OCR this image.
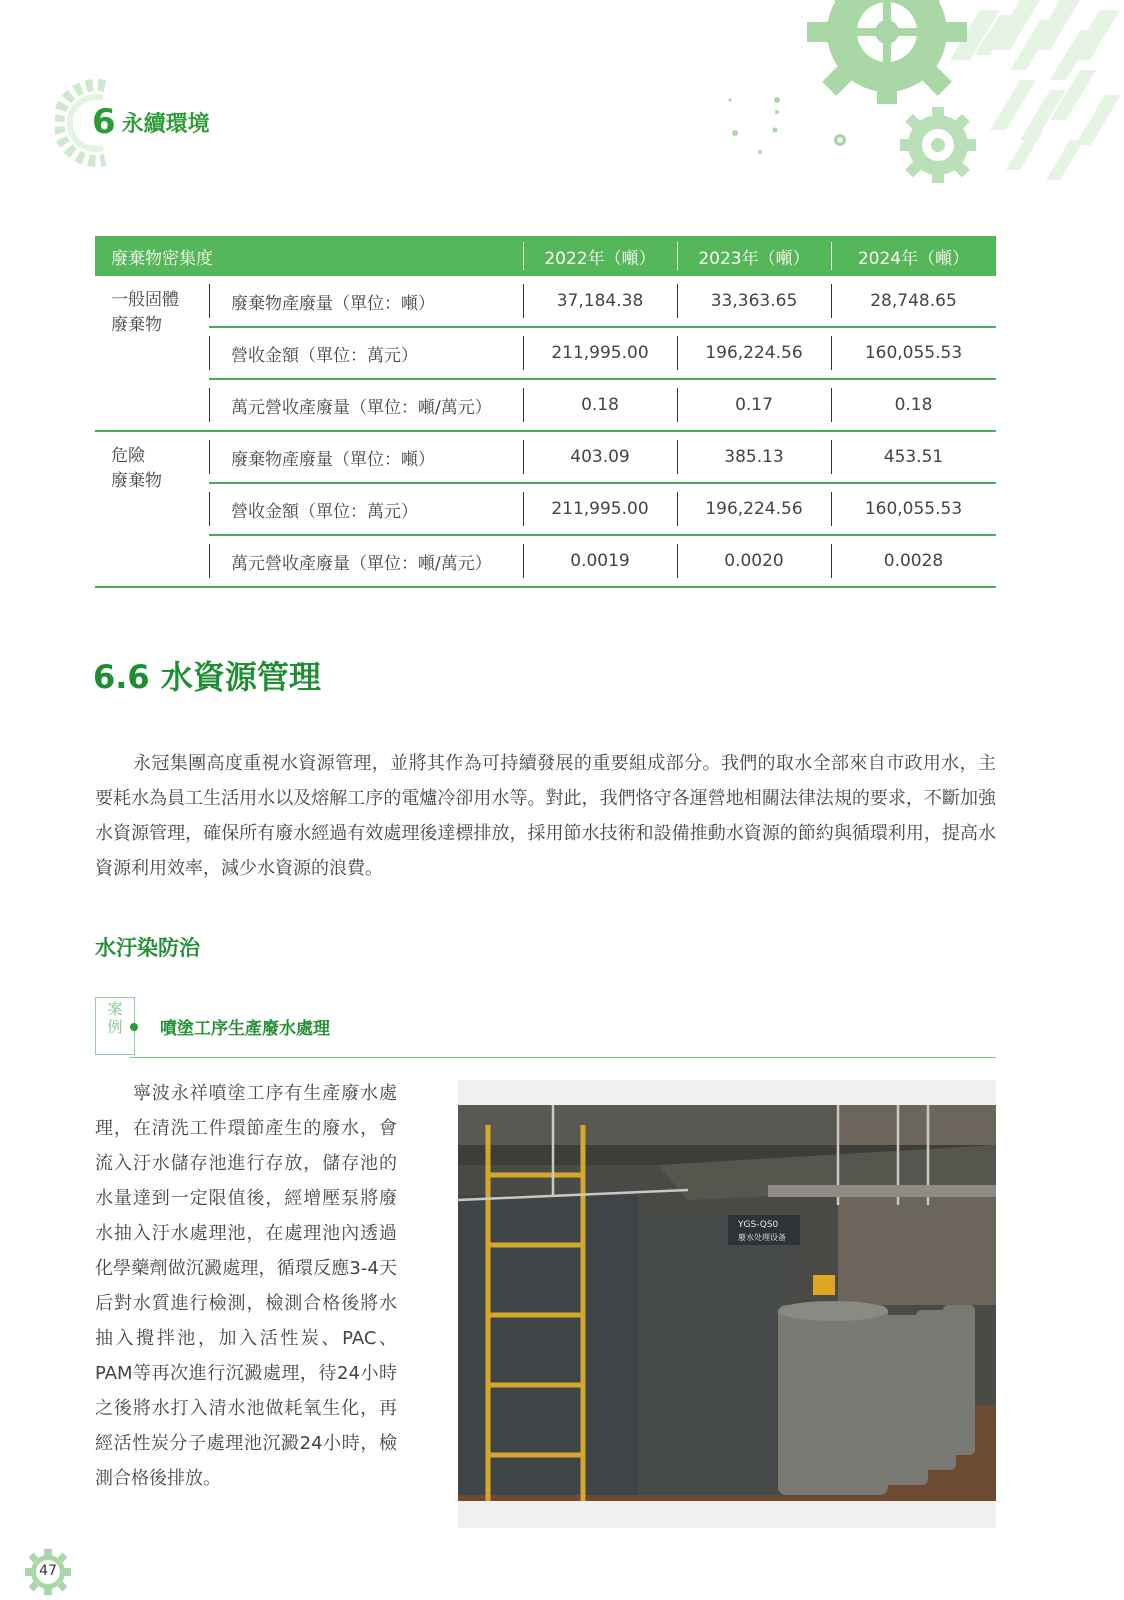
6 永續環境
廢棄物密集度		2022年（噸）	2023年（噸）	2024年（噸）
一般固體
廢棄物	廢棄物產廢量（單位：噸）	37,184.38	33,363.65	28,748.65
	營收金額（單位：萬元）	211,995.00	196,224.56	160,055.53
	萬元營收產廢量（單位：噸/萬元）	0.18	0.17	0.18
危險
廢棄物	廢棄物產廢量（單位：噸）	403.09	385.13	453.51
	營收金額（單位：萬元）	211,995.00	196,224.56	160,055.53
	萬元營收產廢量（單位：噸/萬元）	0.0019	0.0020	0.0028
6.6 水資源管理

永冠集團高度重視水資源管理，並將其作為可持續發展的重要組成部分。我們的取水全部來自市政用水，主要耗水為員工生活用水以及熔解工序的電爐冷卻用水等。對此，我們恪守各運營地相關法律法規的要求，不斷加強水資源管理，確保所有廢水經過有效處理後達標排放，採用節水技術和設備推動水資源的節約與循環利用，提高水資源利用效率，減少水資源的浪費。

水汙染防治
案
例	噴塗工序生產廢水處理

寧波永祥噴塗工序有生產廢水處理，在清洗工件環節產生的廢水，會流入汙水儲存池進行存放，儲存池的水量達到一定限值後，經增壓泵將廢水抽入汙水處理池，在處理池內透過化學藥劑做沉澱處理，循環反應3-4天后對水質進行檢測，檢測合格後將水抽入攪拌池，加入活性炭、PAC、PAM等再次進行沉澱處理，待24小時之後將水打入清水池做耗氧生化，再經活性炭分子處理池沉澱24小時，檢測合格後排放。

YGS-QS0
廢水处理设备
47
